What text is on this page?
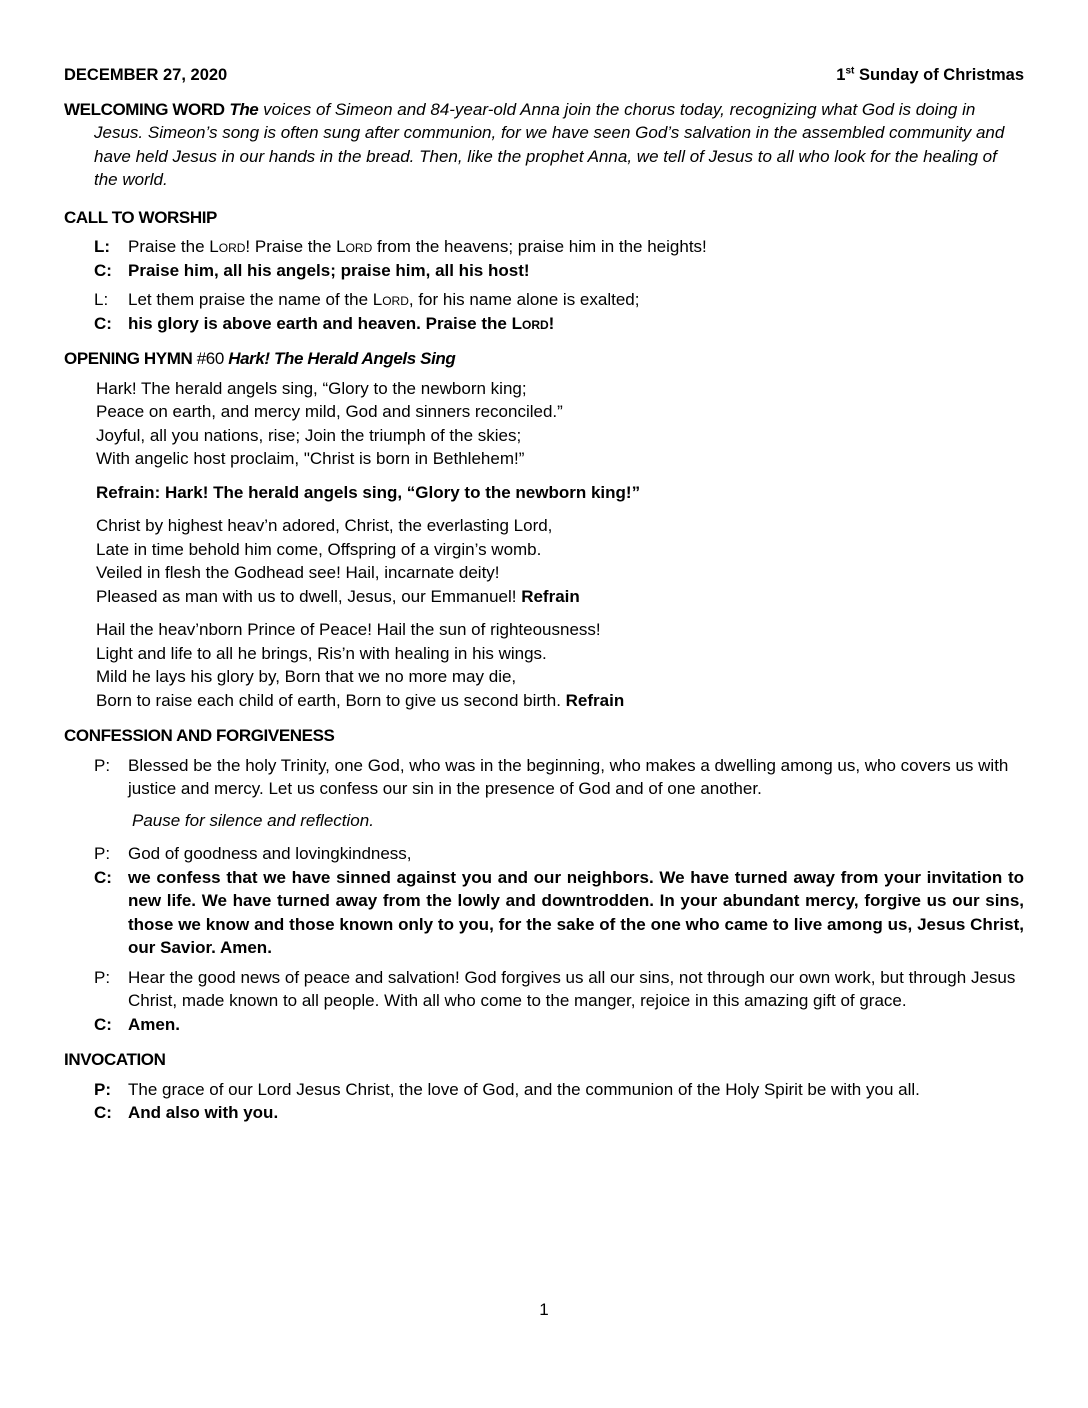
DECEMBER 27, 2020	1st Sunday of Christmas
WELCOMING WORD The voices of Simeon and 84-year-old Anna join the chorus today, recognizing what God is doing in Jesus. Simeon’s song is often sung after communion, for we have seen God’s salvation in the assembled community and have held Jesus in our hands in the bread. Then, like the prophet Anna, we tell of Jesus to all who look for the healing of the world.
CALL TO WORSHIP
L:	Praise the Lord! Praise the Lord from the heavens; praise him in the heights!
C: Praise him, all his angels; praise him, all his host!
L:	Let them praise the name of the Lord, for his name alone is exalted;
C: his glory is above earth and heaven. Praise the Lord!
OPENING HYMN #60 Hark! The Herald Angels Sing
Hark! The herald angels sing, “Glory to the newborn king;
Peace on earth, and mercy mild, God and sinners reconciled.”
Joyful, all you nations, rise; Join the triumph of the skies;
With angelic host proclaim, "Christ is born in Bethlehem!”
Refrain: Hark! The herald angels sing, “Glory to the newborn king!”
Christ by highest heav’n adored, Christ, the everlasting Lord,
Late in time behold him come, Offspring of a virgin’s womb.
Veiled in flesh the Godhead see! Hail, incarnate deity!
Pleased as man with us to dwell, Jesus, our Emmanuel! Refrain
Hail the heav’nborn Prince of Peace! Hail the sun of righteousness!
Light and life to all he brings, Ris’n with healing in his wings.
Mild he lays his glory by, Born that we no more may die,
Born to raise each child of earth, Born to give us second birth. Refrain
CONFESSION AND FORGIVENESS
P:	Blessed be the holy Trinity, one God, who was in the beginning, who makes a dwelling among us, who covers us with justice and mercy. Let us confess our sin in the presence of God and of one another.
Pause for silence and reflection.
P:	God of goodness and lovingkindness,
C: we confess that we have sinned against you and our neighbors. We have turned away from your invitation to new life. We have turned away from the lowly and downtrodden. In your abundant mercy, forgive us our sins, those we know and those known only to you, for the sake of the one who came to live among us, Jesus Christ, our Savior. Amen.
P:	Hear the good news of peace and salvation! God forgives us all our sins, not through our own work, but through Jesus Christ, made known to all people. With all who come to the manger, rejoice in this amazing gift of grace.
C: Amen.
INVOCATION
P:	The grace of our Lord Jesus Christ, the love of God, and the communion of the Holy Spirit be with you all.
C: And also with you.
1
